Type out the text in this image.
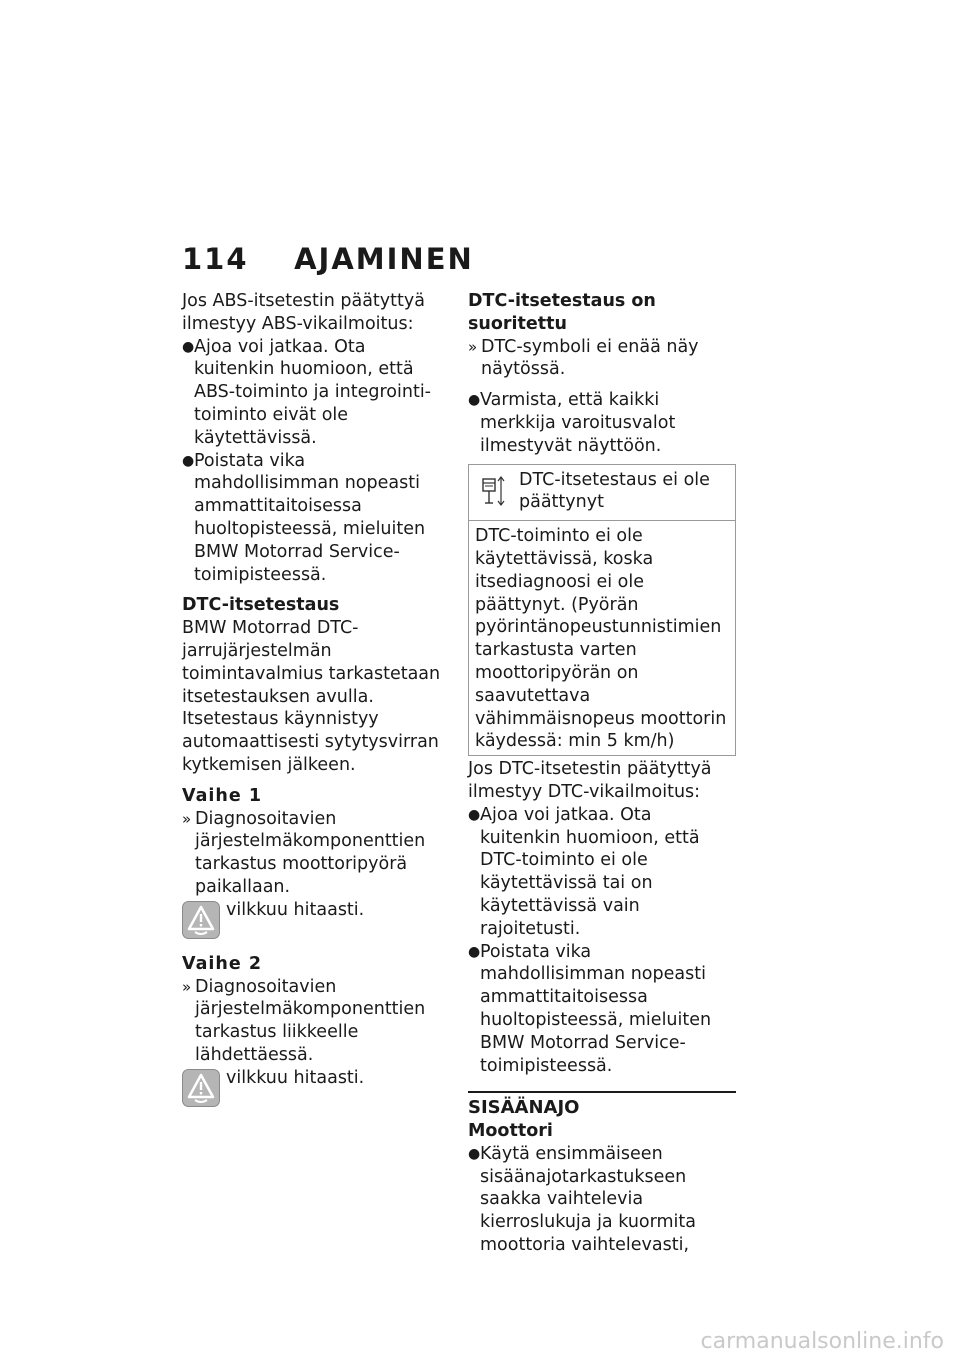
114 AJAMINEN

Jos ABS-itsetestin päätyttyä ilmestyy ABS-vikailmoitus:

● Ajoa voi jatkaa. Ota kuitenkin huomioon, että ABS-toiminto ja integrointi-toiminto eivät ole käytettävissä.
● Poistata vika mahdollisimman nopeasti ammattitaitoisessa huoltopisteessä, mieluiten BMW Motorrad Service-toimipisteessä.

DTC-itsetestaus

BMW Motorrad DTC-jarrujärjestelmän toimintavalmius tarkastetaan itsetestauksen avulla. Itsetestaus käynnistyy automaattisesti sytytysvirran kytkemisen jälkeen.

Vaihe 1

» Diagnosoitavien järjestelmäkomponenttien tarkastus moottoripyörä paikallaan.
vilkkuu hitaasti.

Vaihe 2

» Diagnosoitavien järjestelmäkomponenttien tarkastus liikkeelle lähdettäessä.
vilkkuu hitaasti.

DTC-itsetestaus on suoritettu

» DTC-symboli ei enää näy näytössä.
● Varmista, että kaikki merkkija varoitusvalot ilmestyvät näyttöön.
DTC-itsetestaus ei ole päättynyt
DTC-toiminto ei ole käytettävissä, koska itsediagnoosi ei ole päättynyt. (Pyörän pyörintänopeustunnistimien tarkastusta varten moottoripyörän on saavutettava vähimmäisnopeus moottorin käydessä: min 5 km/h)

Jos DTC-itsetestin päätyttyä ilmestyy DTC-vikailmoitus:

● Ajoa voi jatkaa. Ota kuitenkin huomioon, että DTC-toiminto ei ole käytettävissä tai on käytettävissä vain rajoitetusti.
● Poistata vika mahdollisimman nopeasti ammattitaitoisessa huoltopisteessä, mieluiten BMW Motorrad Service-toimipisteessä.

SISÄÄNAJO

Moottori

● Käytä ensimmäiseen sisäänajotarkastukseen saakka vaihtelevia kierroslukuja ja kuormita moottoria vaihtelevasti,
carmanualsonline.info
